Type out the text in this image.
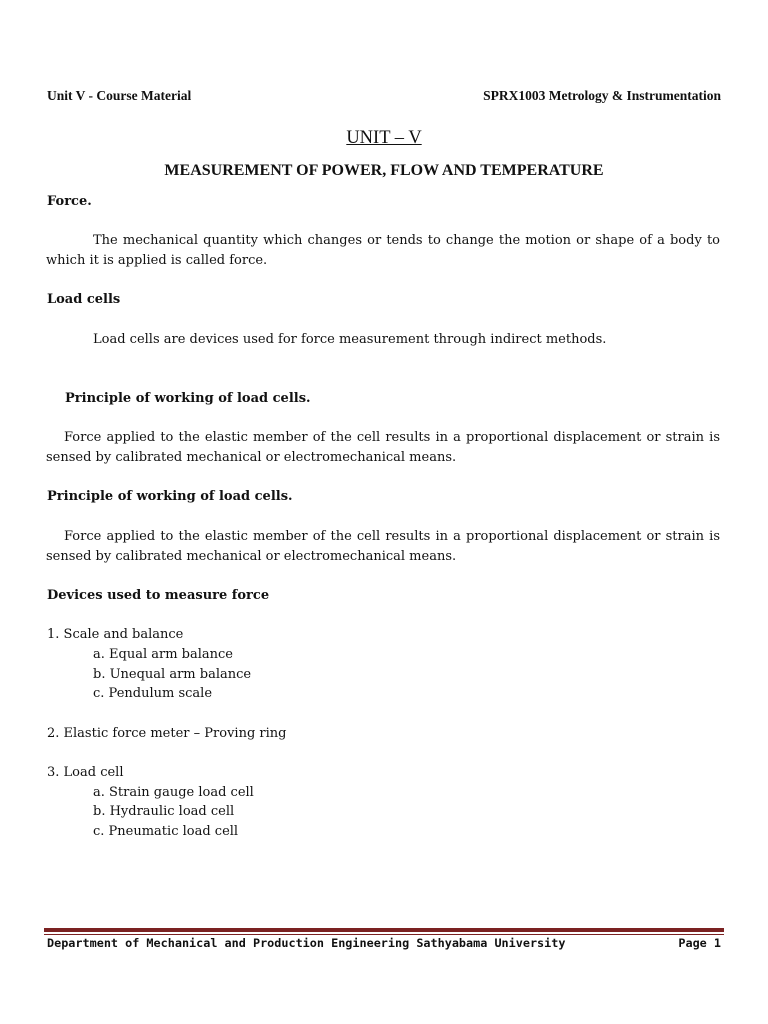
Unit V - Course Material	SPRX1003 Metrology & Instrumentation
UNIT – V
MEASUREMENT OF POWER, FLOW AND TEMPERATURE
Force.
The mechanical quantity which changes or tends to change the motion or shape of a body to which it is applied is called force.
Load cells
Load cells are devices used for force measurement through indirect methods.
Principle of working of load cells.
Force applied to the elastic member of the cell results in a proportional displacement or strain is sensed by calibrated mechanical or electromechanical means.
Principle of working of load cells.
Force applied to the elastic member of the cell results in a proportional displacement or strain is sensed by calibrated mechanical or electromechanical means.
Devices used to measure force
1. Scale and balance
a. Equal arm balance
b. Unequal arm balance
c. Pendulum scale
2. Elastic force meter – Proving ring
3. Load cell
a. Strain gauge load cell
b. Hydraulic load cell
c. Pneumatic load cell
Department of Mechanical and Production Engineering Sathyabama University	Page 1
